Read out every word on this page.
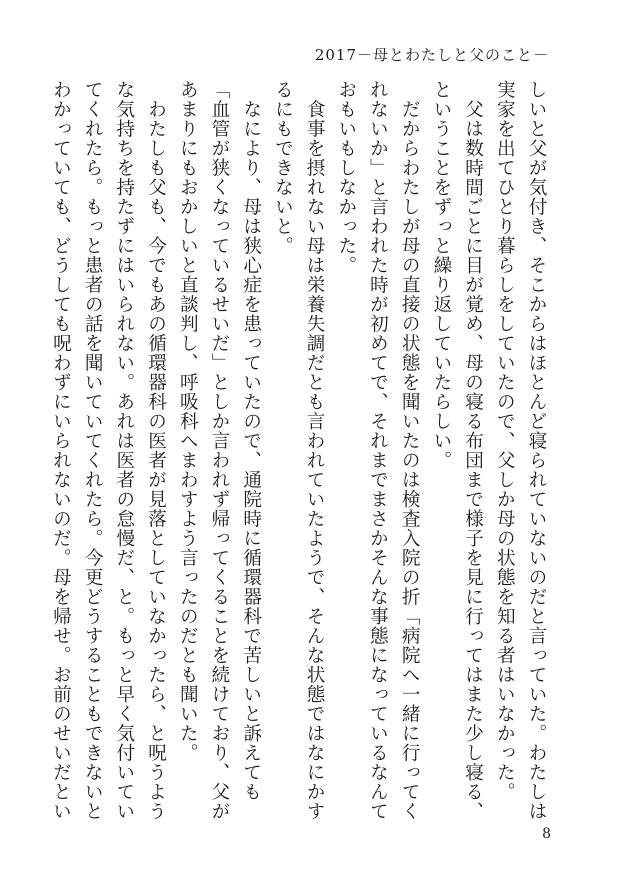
2017－母とわたしと父のこと－

しいと父が気付き、そこからはほとんど寝られていないのだと言っていた。わたしは

実家を出てひとり暮らしをしていたので、父しか母の状態を知る者はいなかった。

　父は数時間ごとに目が覚め、母の寝る布団まで様子を見に行ってはまた少し寝る、

ということをずっと繰り返していたらしい。

　だからわたしが母の直接の状態を聞いたのは検査入院の折「病院へ一緒に行ってく

れないか」と言われた時が初めてで、それまでまさかそんな事態になっているなんて

おもいもしなかった。

　食事を摂れない母は栄養失調だとも言われていたようで、そんな状態ではなにかす

るにもできないと。

　なにより、母は狭心症を患っていたので、通院時に循環器科で苦しいと訴えても

「血管が狭くなっているせいだ」としか言われず帰ってくることを続けており、父が

あまりにもおかしいと直談判し、呼吸科へまわすよう言ったのだとも聞いた。

　わたしも父も、今でもあの循環器科の医者が見落としていなかったら、と呪うよう

な気持ちを持たずにはいられない。あれは医者の怠慢だ、と。もっと早く気付いてい

てくれたら。もっと患者の話を聞いていてくれたら。今更どうすることもできないと

わかっていても、どうしても呪わずにいられないのだ。母を帰せ。お前のせいだとい

8
